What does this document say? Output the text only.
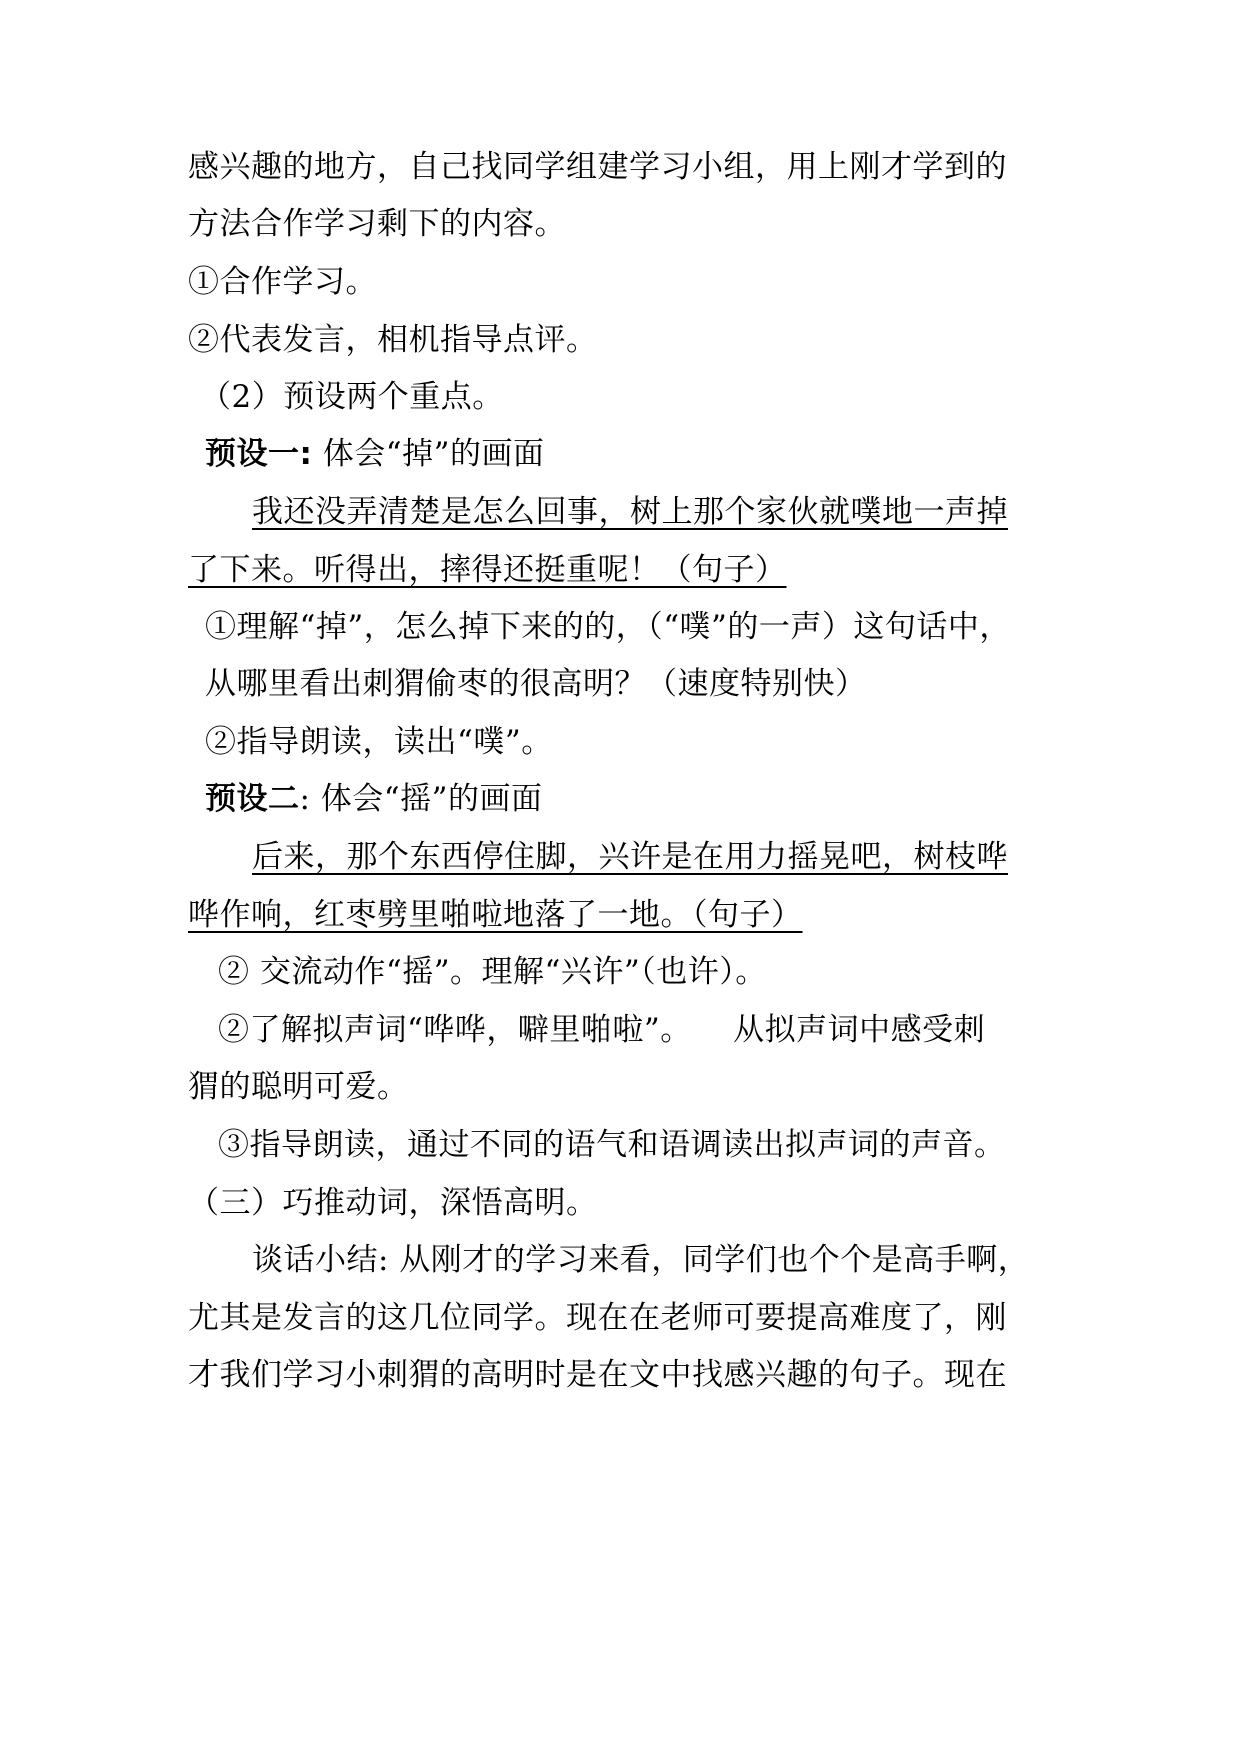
感兴趣的地方，自己找同学组建学习小组，用上刚才学到的
方法合作学习剩下的内容。
①合作学习。
②代表发言，相机指导点评。
（2）预设两个重点。
预设一: 体会“掉”的画面
我还没弄清楚是怎么回事，树上那个家伙就噗地一声掉
了下来。听得出，摔得还挺重呢！（句子）
①理解“掉”，怎么掉下来的的，（“噗”的一声）这句话中，
从哪里看出刺猬偷枣的很高明？（速度特别快）
②指导朗读，读出“噗”。
预设二: 体会“摇”的画面
后来，那个东西停住脚，兴许是在用力摇晃吧，树枝哗
哗作响，红枣劈里啪啦地落了一地。（句子）
② 交流动作“摇”。理解“兴许”（也许）。
②了解拟声词“哗哗，噼里啪啦”。    从拟声词中感受刺
猬的聪明可爱。
③指导朗读，通过不同的语气和语调读出拟声词的声音。
（三）巧推动词，深悟高明。
谈话小结: 从刚才的学习来看，同学们也个个是高手啊，
尤其是发言的这几位同学。现在在老师可要提高难度了，刚
才我们学习小刺猬的高明时是在文中找感兴趣的句子。现在
